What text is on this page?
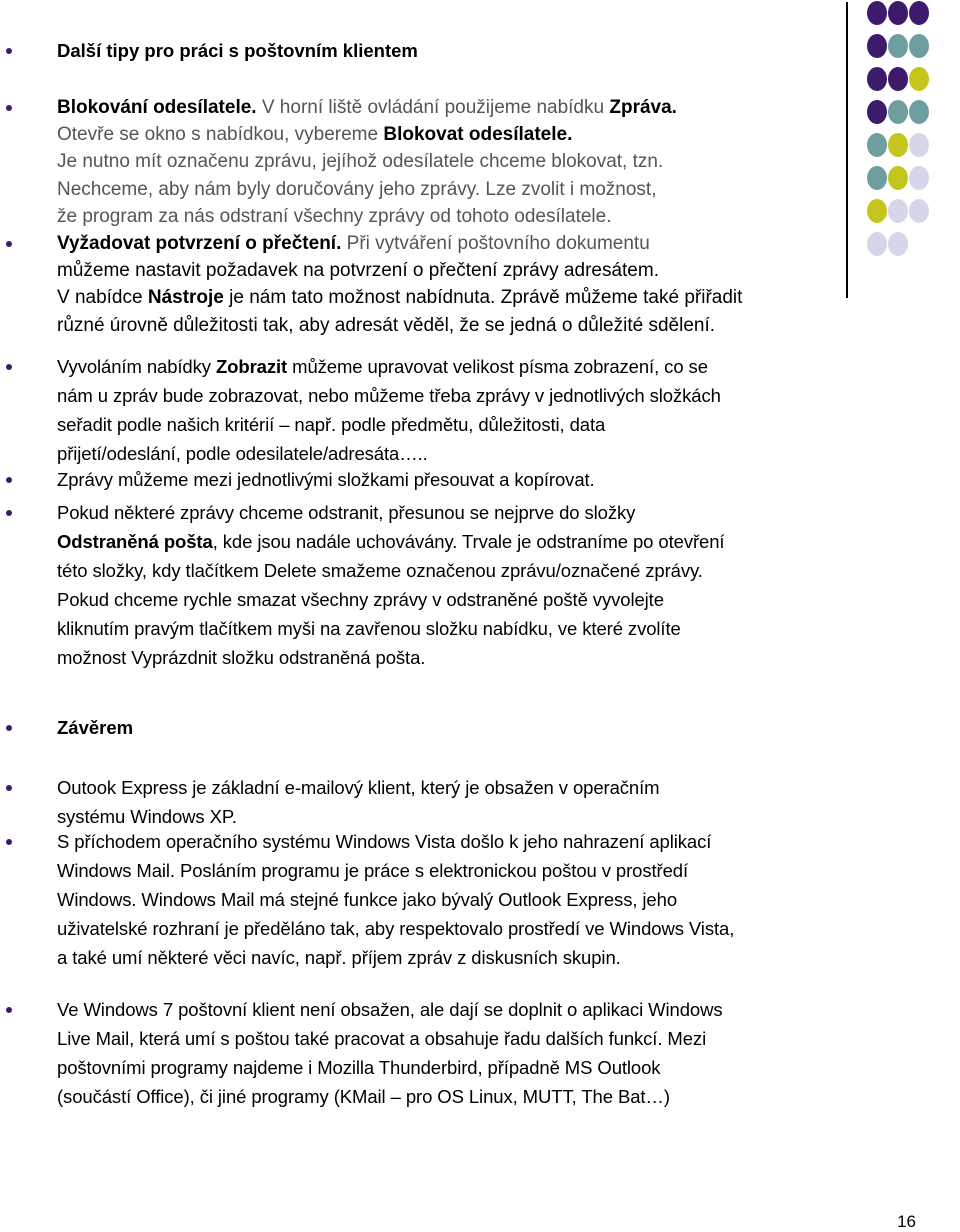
Další tipy pro práci s poštovním klientem
Blokování odesílatele. V horní liště ovládání použijeme nabídku Zpráva.
Otevře se okno s nabídkou, vybereme Blokovat odesílatele.
Je nutno mít označenu zprávu, jejíhož odesílatele chceme blokovat, tzn.
Nechceme, aby nám byly doručovány jeho zprávy. Lze zvolit i možnost,
že program za nás odstraní všechny zprávy od tohoto odesílatele.
Vyžadovat potvrzení o přečtení. Při vytváření poštovního dokumentu
můžeme nastavit požadavek na potvrzení o přečtení zprávy adresátem.
V nabídce Nástroje je nám tato možnost nabídnuta. Zprávě můžeme také přiřadit
různé úrovně důležitosti tak, aby adresát věděl, že se jedná o důležité sdělení.
Vyvoláním nabídky Zobrazit můžeme upravovat velikost písma zobrazení, co se
nám u zpráv bude zobrazovat, nebo můžeme třeba zprávy v jednotlivých složkách
seřadit podle našich kritérií – např. podle předmětu, důležitosti, data
přijetí/odeslání, podle odesilatele/adresáta…..
Zprávy můžeme mezi jednotlivými složkami přesouvat a kopírovat.
Pokud některé zprávy chceme odstranit, přesunou se nejprve do složky
Odstraněná pošta, kde jsou nadále uchovávány. Trvale je odstraníme po otevření
této složky, kdy tlačítkem Delete smažeme označenou zprávu/označené zprávy.
Pokud chceme rychle smazat všechny zprávy v odstraněné poště vyvolejte
kliknutím pravým tlačítkem myši na zavřenou složku nabídku, ve které zvolíte
možnost Vyprázdnit složku odstraněná pošta.
Závěrem
Outook Express je základní e-mailový klient, který je obsažen v operačním
systému Windows XP.
S příchodem operačního systému Windows Vista došlo k jeho nahrazení aplikací
Windows Mail. Posláním programu je práce s elektronickou poštou v prostředí
Windows. Windows Mail má stejné funkce jako bývalý Outlook Express, jeho
uživatelské rozhraní je předěláno tak, aby respektovalo prostředí ve Windows Vista,
a také umí některé věci navíc, např. příjem zpráv z diskusních skupin.
Ve Windows 7 poštovní klient není obsažen, ale dají se doplnit o aplikaci Windows
Live Mail, která umí s poštou také pracovat a obsahuje řadu dalších funkcí. Mezi
poštovními programy najdeme i Mozilla Thunderbird, případně MS Outlook
(součástí Office), či jiné programy (KMail – pro OS Linux, MUTT, The Bat…)
16
